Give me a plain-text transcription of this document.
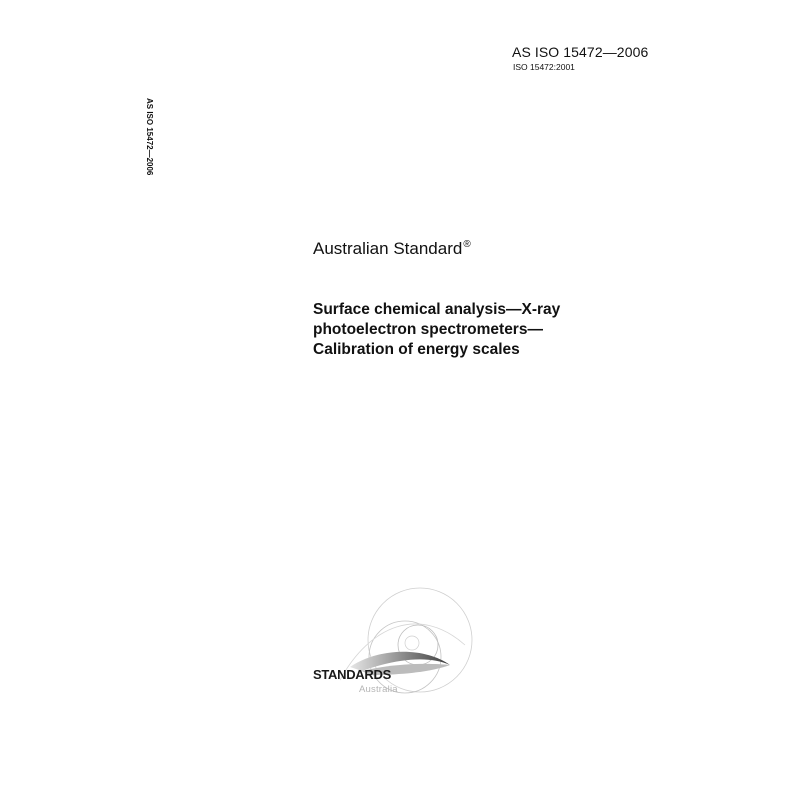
AS ISO 15472—2006
ISO 15472:2001
AS ISO 15472—2006
Australian Standard®
Surface chemical analysis—X-ray
photoelectron spectrometers—
Calibration of energy scales
STANDARDS
Australia
